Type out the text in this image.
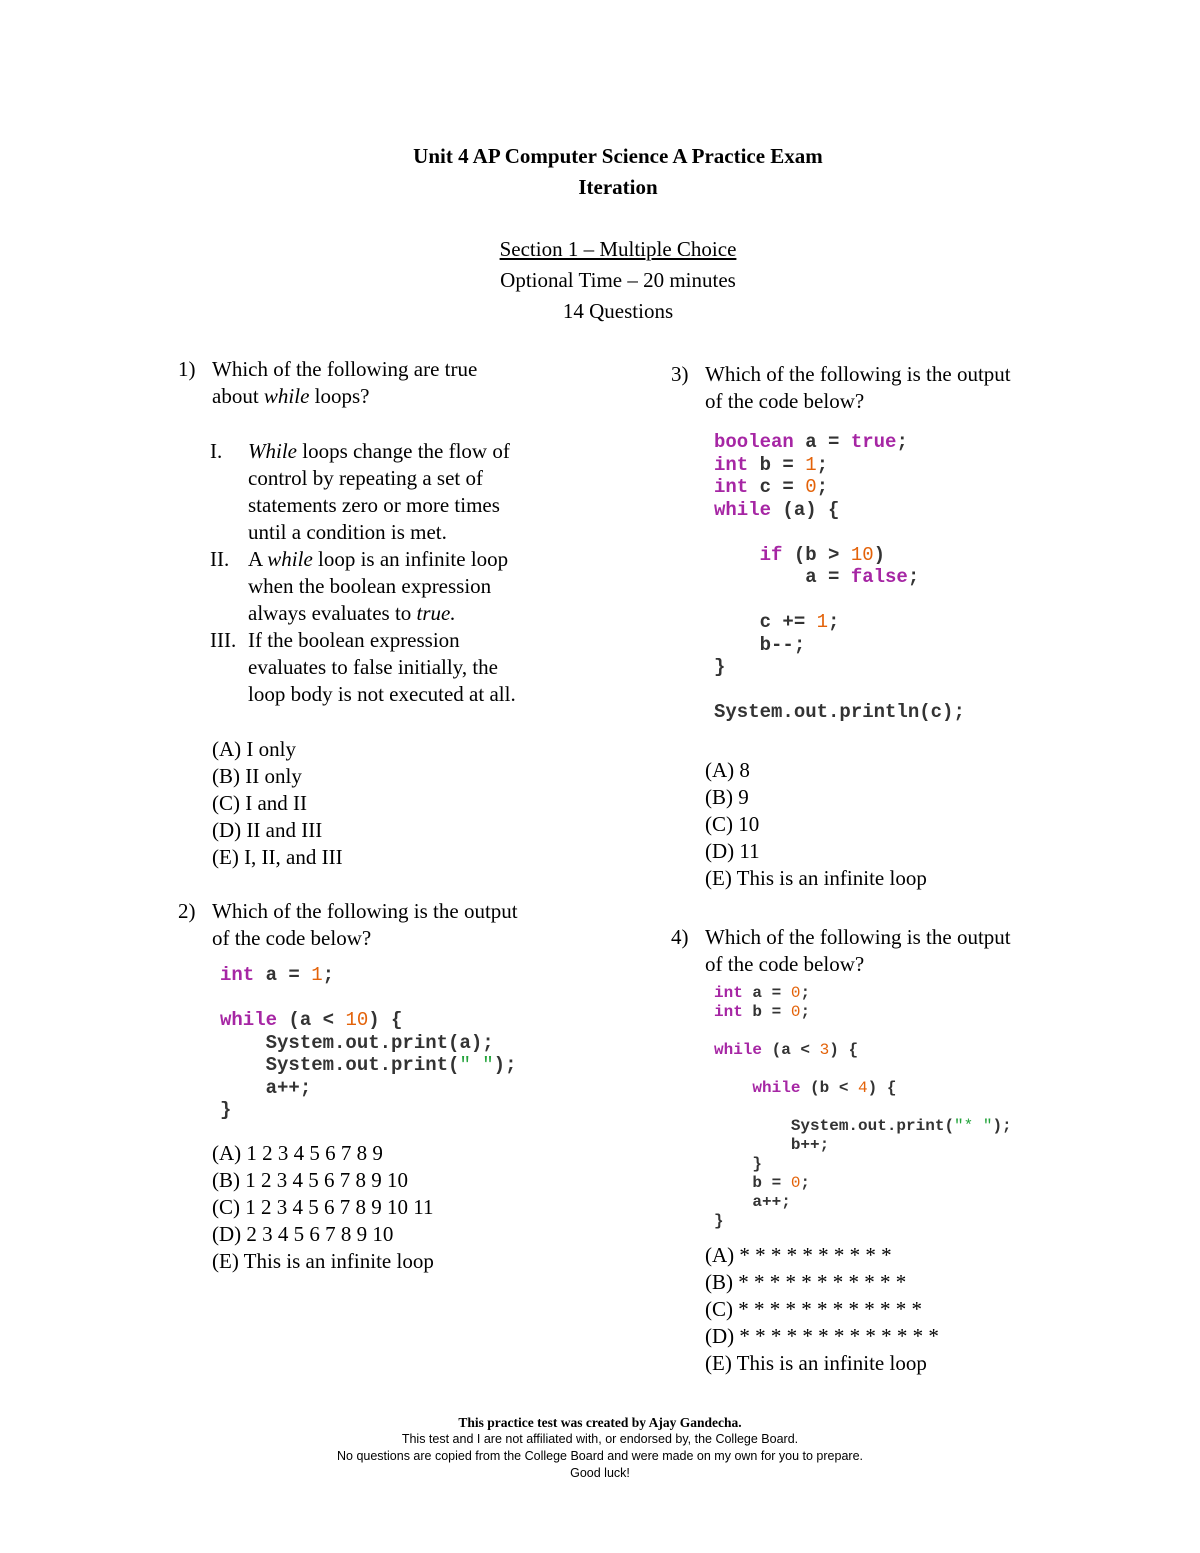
Unit 4 AP Computer Science A Practice Exam
Iteration
Section 1 – Multiple Choice
Optional Time – 20 minutes
14 Questions
1) Which of the following are true
about while loops?
I. While loops change the flow of
control by repeating a set of
statements zero or more times
until a condition is met.
II. A while loop is an infinite loop
when the boolean expression
always evaluates to true.
III. If the boolean expression
evaluates to false initially, the
loop body is not executed at all.
(A) I only
(B) II only
(C) I and II
(D) II and III
(E) I, II, and III
2) Which of the following is the output
of the code below?
int a = 1;
while (a < 10) {
System.out.print(a);
System.out.print(" ");
a++;
}
(A) 1 2 3 4 5 6 7 8 9
(B) 1 2 3 4 5 6 7 8 9 10
(C) 1 2 3 4 5 6 7 8 9 10 11
(D) 2 3 4 5 6 7 8 9 10
(E) This is an infinite loop
3) Which of the following is the output
of the code below?
boolean a = true;
int b = 1;
int c = 0;
while (a) {
if (b > 10)
a = false;
c += 1;
b--;
}
System.out.println(c);
(A) 8
(B) 9
(C) 10
(D) 11
(E) This is an infinite loop
4) Which of the following is the output
of the code below?
int a = 0;
int b = 0;
while (a < 3) {
while (b < 4) {
System.out.print("* ");
b++;
}
b = 0;
a++;
}
(A) * * * * * * * * * *
(B) * * * * * * * * * * *
(C) * * * * * * * * * * * *
(D) * * * * * * * * * * * * *
(E) This is an infinite loop
This practice test was created by Ajay Gandecha.
This test and I are not affiliated with, or endorsed by, the College Board.
No questions are copied from the College Board and were made on my own for you to prepare.
Good luck!
